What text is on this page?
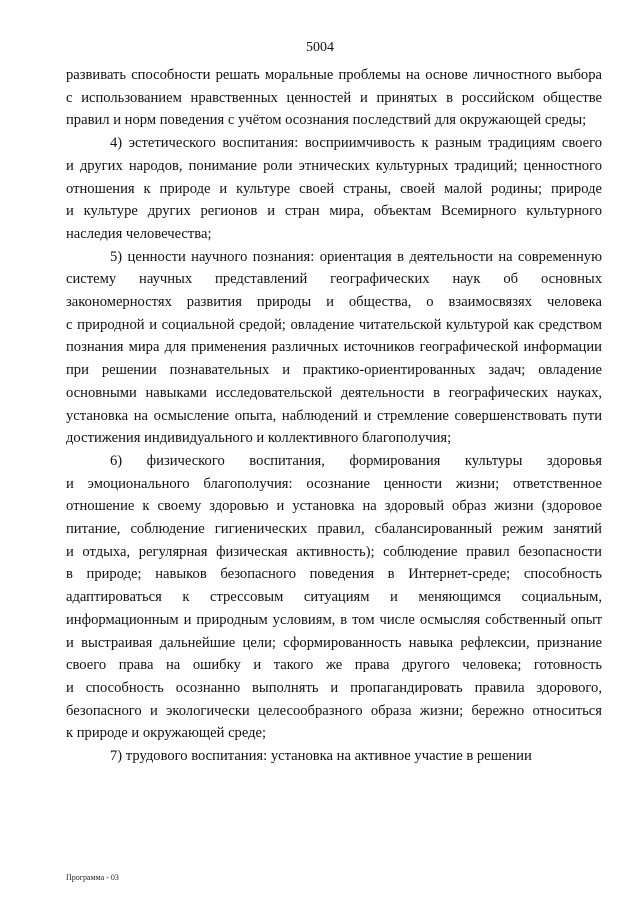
5004
развивать способности решать моральные проблемы на основе личностного выбора
с использованием нравственных ценностей и принятых в российском обществе
правил и норм поведения с учётом осознания последствий для окружающей среды;
4) эстетического воспитания: восприимчивость к разным традициям своего
и других народов, понимание роли этнических культурных традиций; ценностного
отношения к природе и культуре своей страны, своей малой родины; природе
и культуре других регионов и стран мира, объектам Всемирного культурного
наследия человечества;
5) ценности научного познания: ориентация в деятельности на современную
систему научных представлений географических наук об основных
закономерностях развития природы и общества, о взаимосвязях человека
с природной и социальной средой; овладение читательской культурой как средством
познания мира для применения различных источников географической информации
при решении познавательных и практико-ориентированных задач; овладение
основными навыками исследовательской деятельности в географических науках,
установка на осмысление опыта, наблюдений и стремление совершенствовать пути
достижения индивидуального и коллективного благополучия;
6) физического воспитания, формирования культуры здоровья
и эмоционального благополучия: осознание ценности жизни; ответственное
отношение к своему здоровью и установка на здоровый образ жизни (здоровое
питание, соблюдение гигиенических правил, сбалансированный режим занятий
и отдыха, регулярная физическая активность); соблюдение правил безопасности
в природе; навыков безопасного поведения в Интернет-среде; способность
адаптироваться к стрессовым ситуациям и меняющимся социальным,
информационным и природным условиям, в том числе осмысляя собственный опыт
и выстраивая дальнейшие цели; сформированность навыка рефлексии, признание
своего права на ошибку и такого же права другого человека; готовность
и способность осознанно выполнять и пропагандировать правила здорового,
безопасного и экологически целесообразного образа жизни; бережно относиться
к природе и окружающей среде;
7) трудового воспитания: установка на активное участие в решении
Программа - 03
